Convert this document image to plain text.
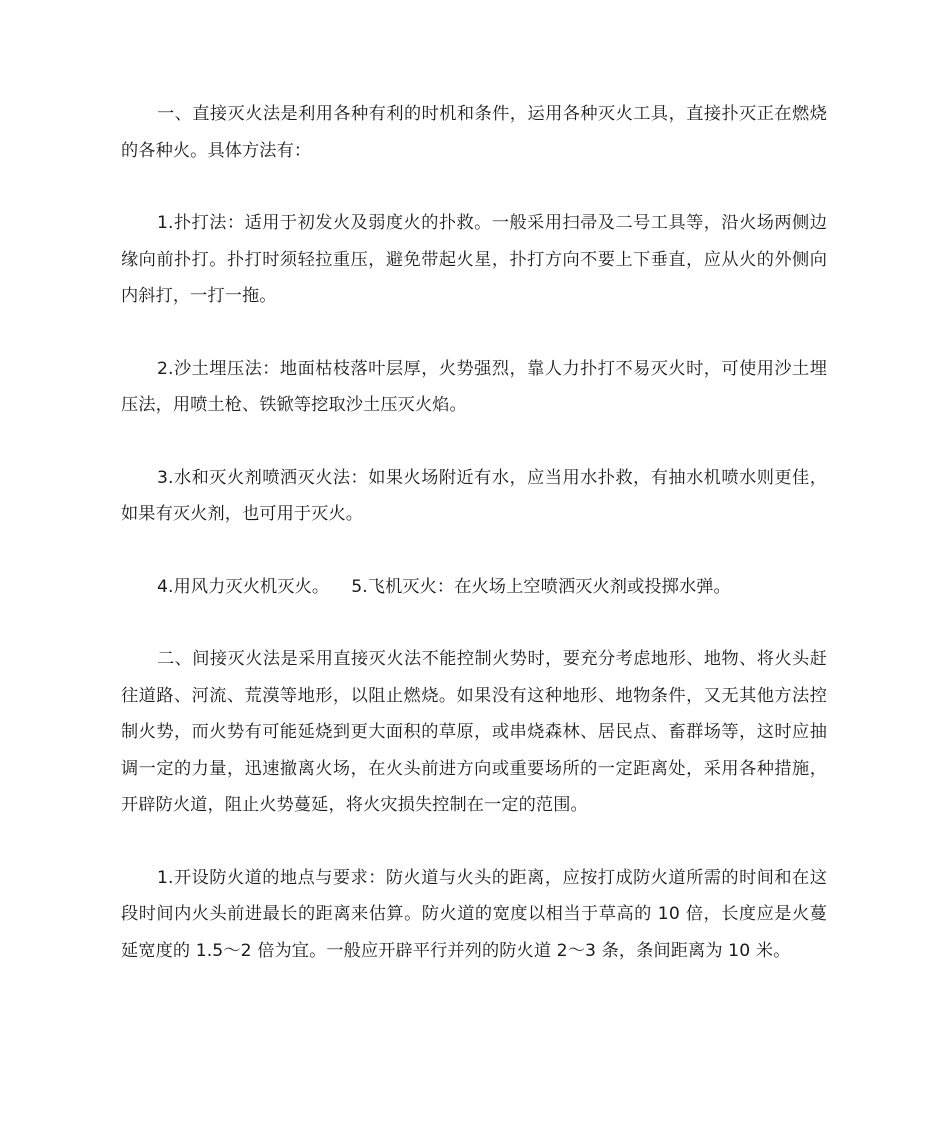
一、直接灭火法是利用各种有利的时机和条件，运用各种灭火工具，直接扑灭正在燃烧的各种火。具体方法有：

1.扑打法：适用于初发火及弱度火的扑救。一般采用扫帚及二号工具等，沿火场两侧边缘向前扑打。扑打时须轻拉重压，避免带起火星，扑打方向不要上下垂直，应从火的外侧向内斜打，一打一拖。

2.沙土埋压法：地面枯枝落叶层厚，火势强烈，靠人力扑打不易灭火时，可使用沙土埋压法，用喷土枪、铁锨等挖取沙土压灭火焰。

3.水和灭火剂喷洒灭火法：如果火场附近有水，应当用水扑救，有抽水机喷水则更佳，如果有灭火剂，也可用于灭火。

4.用风力灭火机灭火。 5.飞机灭火：在火场上空喷洒灭火剂或投掷水弹。

二、间接灭火法是采用直接灭火法不能控制火势时，要充分考虑地形、地物、将火头赶往道路、河流、荒漠等地形，以阻止燃烧。如果没有这种地形、地物条件，又无其他方法控制火势，而火势有可能延烧到更大面积的草原，或串烧森林、居民点、畜群场等，这时应抽调一定的力量，迅速撤离火场，在火头前进方向或重要场所的一定距离处，采用各种措施，开辟防火道，阻止火势蔓延，将火灾损失控制在一定的范围。

1.开设防火道的地点与要求：防火道与火头的距离，应按打成防火道所需的时间和在这段时间内火头前进最长的距离来估算。防火道的宽度以相当于草高的 10 倍，长度应是火蔓延宽度的 1.5～2 倍为宜。一般应开辟平行并列的防火道 2～3 条，条间距离为 10 米。
